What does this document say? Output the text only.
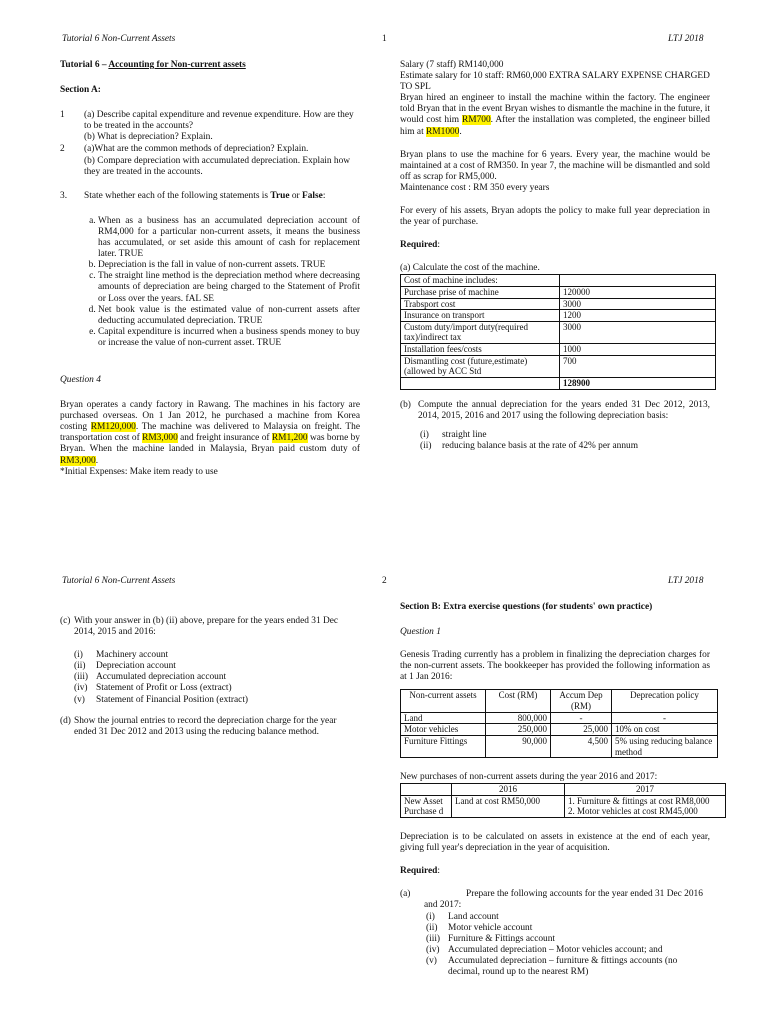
Tutorial 6 Non-Current Assets	1	LTJ 2018

Tutorial 6 – Accounting for Non-current assets

Section A:

1	(a) Describe capital expenditure and revenue expenditure. How are they to be treated in the accounts?

(b) What is depreciation? Explain.

2	(a)What are the common methods of depreciation? Explain.

(b) Compare depreciation with accumulated depreciation. Explain how they are treated in the accounts.

3.	State whether each of the following statements is True or False:

a. When as a business has an accumulated depreciation account of RM4,000 for a particular non-current assets, it means the business has accumulated, or set aside this amount of cash for replacement later. TRUE
b. Depreciation is the fall in value of non-current assets. TRUE
c. The straight line method is the depreciation method where decreasing amounts of depreciation are being charged to the Statement of Profit or Loss over the years. fAL SE
d. Net book value is the estimated value of non-current assets after deducting accumulated depreciation. TRUE
e. Capital expenditure is incurred when a business spends money to buy or increase the value of non-current asset. TRUE

Question 4

Bryan operates a candy factory in Rawang. The machines in his factory are purchased overseas. On 1 Jan 2012, he purchased a machine from Korea costing RM120,000. The machine was delivered to Malaysia on freight. The transportation cost of RM3,000 and freight insurance of RM1,200 was borne by Bryan. When the machine landed in Malaysia, Bryan paid custom duty of RM3,000.

*Initial Expenses: Make item ready to use

Salary (7 staff) RM140,000

Estimate salary for 10 staff: RM60,000 EXTRA SALARY EXPENSE CHARGED TO SPL

Bryan hired an engineer to install the machine within the factory. The engineer told Bryan that in the event Bryan wishes to dismantle the machine in the future, it would cost him RM700. After the installation was completed, the engineer billed him at RM1000.

Bryan plans to use the machine for 6 years. Every year, the machine would be maintained at a cost of RM350. In year 7, the machine will be dismantled and sold off as scrap for RM5,000.

Maintenance cost : RM 350 every years

For every of his assets, Bryan adopts the policy to make full year depreciation in the year of purchase.

Required:

(a) Calculate the cost of the machine.

Cost of machine includes:	
Purchase prise of machine	120000
Trabsport cost	3000
Insurance on transport	1200
Custom duty/import duty(required tax)/indirect tax	3000
Installation fees/costs	1000
Dismantling cost (future,estimate) (allowed by ACC Std	700
	128900
(b) Compute the annual depreciation for the years ended 31 Dec 2012, 2013, 2014, 2015, 2016 and 2017 using the following depreciation basis:

(i) straight line
(ii) reducing balance basis at the rate of 42% per annum
Tutorial 6 Non-Current Assets	2	LTJ 2018
(c) With your answer in (b) (ii) above, prepare for the years ended 31 Dec 2014, 2015 and 2016:

(i) Machinery account
(ii) Depreciation account
(iii) Accumulated depreciation account
(iv) Statement of Profit or Loss (extract)
(v) Statement of Financial Position (extract)
(d) Show the journal entries to record the depreciation charge for the year ended 31 Dec 2012 and 2013 using the reducing balance method.

Section B: Extra exercise questions (for students' own practice)

Question 1

Genesis Trading currently has a problem in finalizing the depreciation charges for the non-current assets. The bookkeeper has provided the following information as at 1 Jan 2016:

Non-current assets	Cost (RM)	Accum Dep (RM)	Deprecation policy
Land	800,000	-	-
Motor vehicles	250,000	25,000	10% on cost
Furniture Fittings	90,000	4,500	5% using reducing balance method

New purchases of non-current assets during the year 2016 and 2017:

	2016	2017
New Asset Purchase d	Land at cost RM50,000	1. Furniture & fittings at cost RM8,000
2. Motor vehicles at cost RM45,000

Depreciation is to be calculated on assets in existence at the end of each year, giving full year's depreciation in the year of acquisition.

Required:

(a)	Prepare the following accounts for the year ended 31 Dec 2016 and 2017:

(i) Land account
(ii) Motor vehicle account
(iii) Furniture & Fittings account
(iv) Accumulated depreciation – Motor vehicles account; and
(v) Accumulated depreciation – furniture & fittings accounts (no decimal, round up to the nearest RM)
